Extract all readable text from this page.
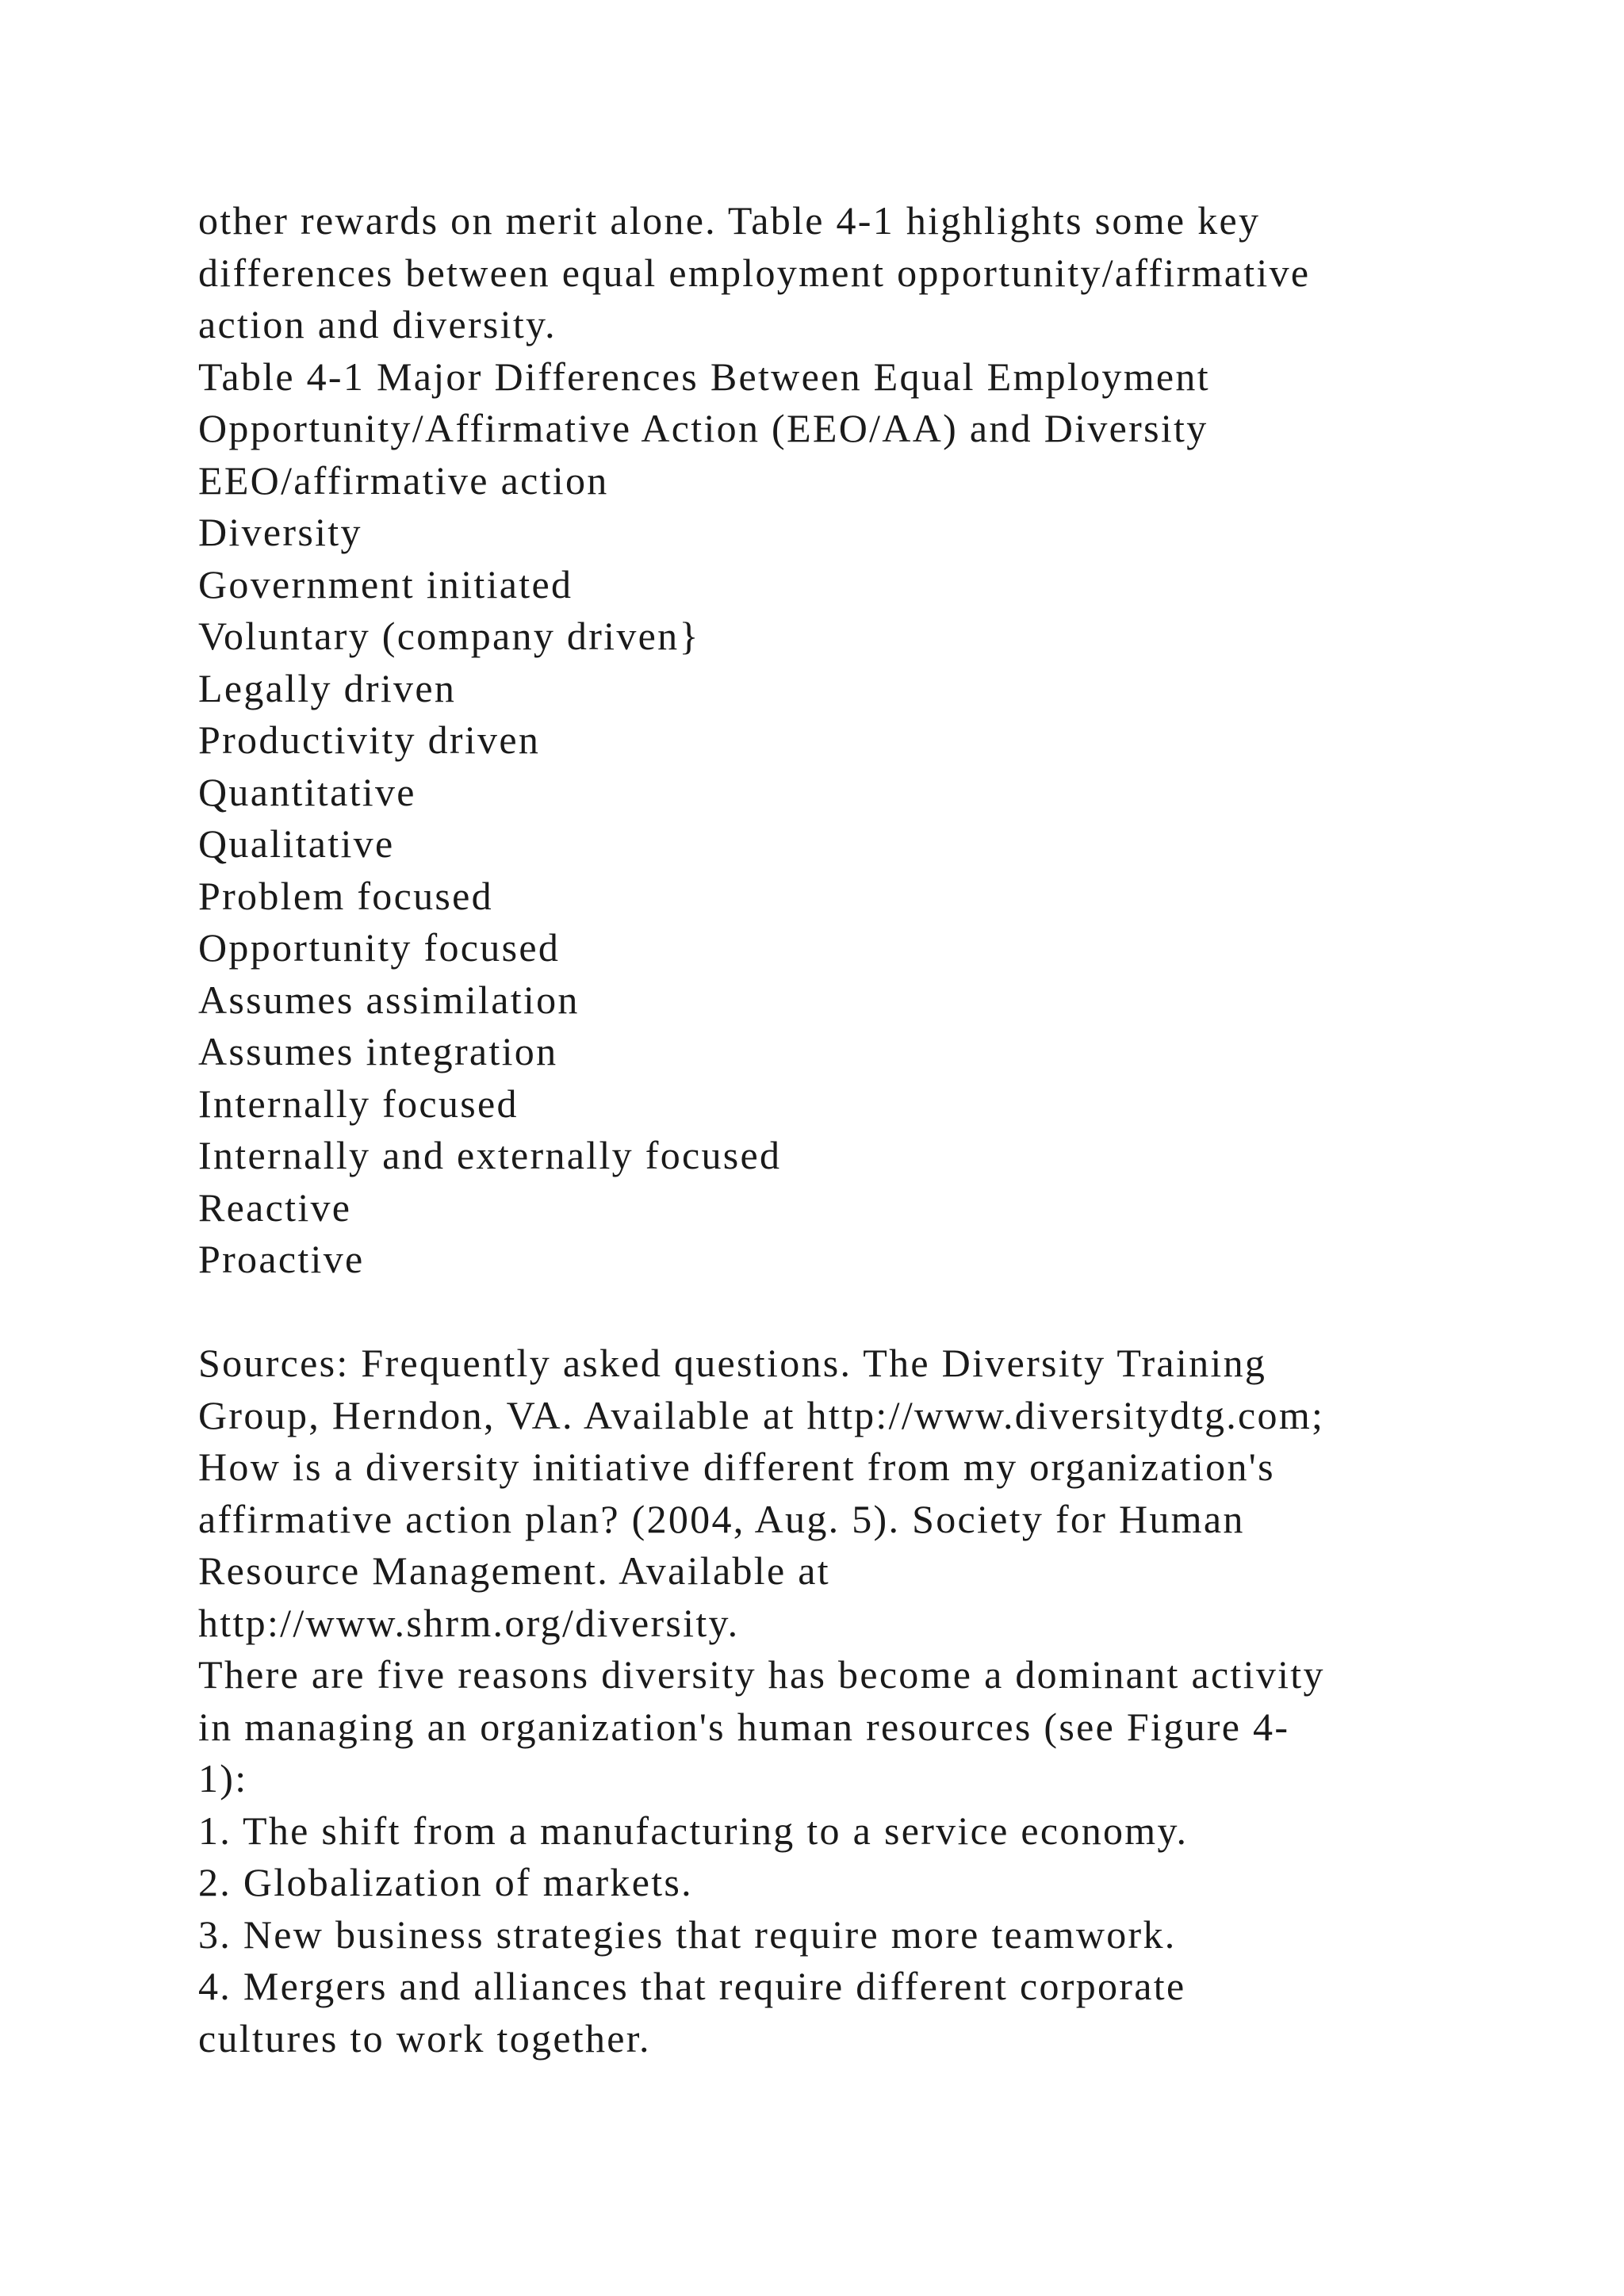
other rewards on merit alone. Table 4-1 highlights some key
differences between equal employment opportunity/affirmative
action and diversity.
Table 4-1 Major Differences Between Equal Employment
Opportunity/Affirmative Action (EEO/AA) and Diversity
EEO/affirmative action
Diversity
Government initiated
Voluntary (company driven}
Legally driven
Productivity driven
Quantitative
Qualitative
Problem focused
Opportunity focused
Assumes assimilation
Assumes integration
Internally focused
Internally and externally focused
Reactive
Proactive
Sources: Frequently asked questions. The Diversity Training
Group, Herndon, VA. Available at http://www.diversitydtg.com;
How is a diversity initiative different from my organization's
affirmative action plan? (2004, Aug. 5). Society for Human
Resource Management. Available at
http://www.shrm.org/diversity.
There are five reasons diversity has become a dominant activity
in managing an organization's human resources (see Figure 4-
1):
1. The shift from a manufacturing to a service economy.
2. Globalization of markets.
3. New business strategies that require more teamwork.
4. Mergers and alliances that require different corporate
cultures to work together.
